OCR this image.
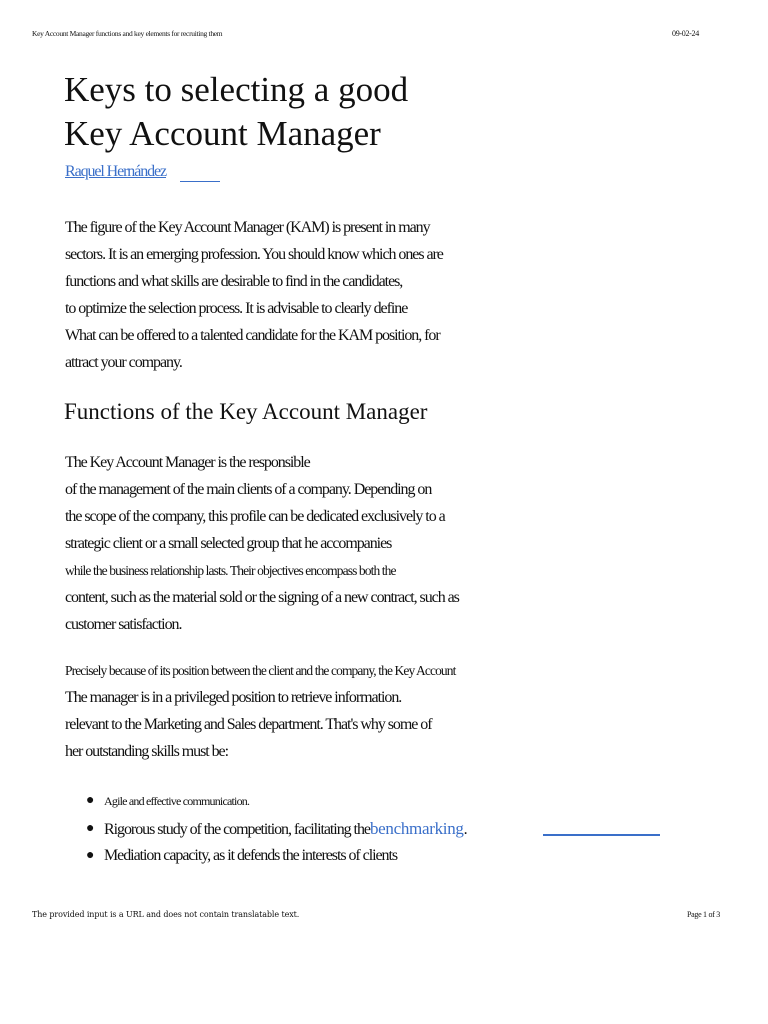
Key Account Manager functions and key elements for recruiting them	09-02-24
Keys to selecting a good
Key Account Manager
Raquel Hernández

The figure of the Key Account Manager (KAM) is present in many
sectors. It is an emerging profession. You should know which ones are
functions and what skills are desirable to find in the candidates,
to optimize the selection process. It is advisable to clearly define
What can be offered to a talented candidate for the KAM position, for
attract your company.

Functions of the Key Account Manager

The Key Account Manager is the responsible
of the management of the main clients of a company. Depending on
the scope of the company, this profile can be dedicated exclusively to a
strategic client or a small selected group that he accompanies
while the business relationship lasts. Their objectives encompass both the
content, such as the material sold or the signing of a new contract, such as
customer satisfaction.

Precisely because of its position between the client and the company, the Key Account
The manager is in a privileged position to retrieve information.
relevant to the Marketing and Sales department. That's why some of
her outstanding skills must be:

● Agile and effective communication.
● Rigorous study of the competition, facilitating thebenchmarking.
● Mediation capacity, as it defends the interests of clients
The provided input is a URL and does not contain translatable text.	Page 1 of 3
